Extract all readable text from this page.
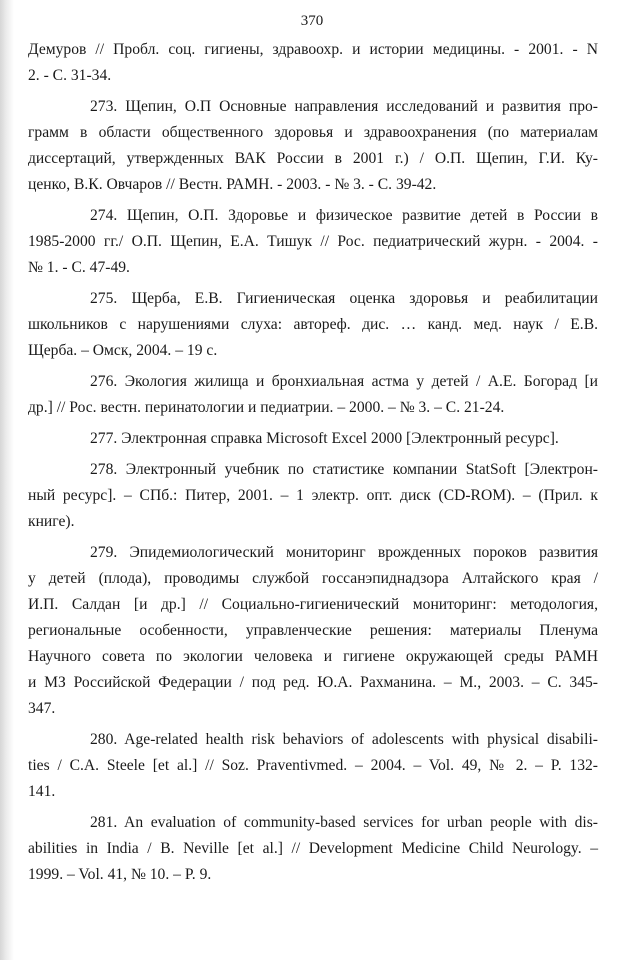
370
Демуров // Пробл. соц. гигиены, здравоохр. и истории медицины. - 2001. - N
2. - С. 31-34.
273. Щепин, О.П Основные направления исследований и развития про-
грамм в области общественного здоровья и здравоохранения (по материалам
диссертаций, утвержденных ВАК России в 2001 г.) / О.П. Щепин, Г.И. Ку-
ценко, В.К. Овчаров // Вестн. РАМН. - 2003. - № 3. - С. 39-42.
274. Щепин, О.П. Здоровье и физическое развитие детей в России в
1985-2000 гг./ О.П. Щепин, Е.А. Тишук // Рос. педиатрический журн. - 2004. -
№ 1. - С. 47-49.
275. Щерба, Е.В. Гигиеническая оценка здоровья и реабилитации
школьников с нарушениями слуха: автореф. дис. … канд. мед. наук / Е.В.
Щерба. – Омск, 2004. – 19 с.
276. Экология жилища и бронхиальная астма у детей / А.Е. Богорад [и
др.] // Рос. вестн. перинатологии и педиатрии. – 2000. – № 3. – С. 21-24.
277. Электронная справка Microsoft Excel 2000 [Электронный ресурс].
278. Электронный учебник по статистике компании StatSoft [Электрон-
ный ресурс]. – СПб.: Питер, 2001. – 1 электр. опт. диск (CD-ROM). – (Прил. к
книге).
279. Эпидемиологический мониторинг врожденных пороков развития
у детей (плода), проводимы службой госсанэпиднадзора Алтайского края /
И.П. Салдан [и др.] // Социально-гигиенический мониторинг: методология,
региональные особенности, управленческие решения: материалы Пленума
Научного совета по экологии человека и гигиене окружающей среды РАМН
и МЗ Российской Федерации / под ред. Ю.А. Рахманина. – М., 2003. – С. 345-
347.
280. Age-related health risk behaviors of adolescents with physical disabili-
ties / C.A. Steele [et al.] // Soz. Praventivmed. – 2004. – Vol. 49, № 2. – P. 132-
141.
281. An evaluation of community-based services for urban people with dis-
abilities in India / B. Neville [et al.] // Development Medicine Child Neurology. –
1999. – Vol. 41, № 10. – P. 9.
